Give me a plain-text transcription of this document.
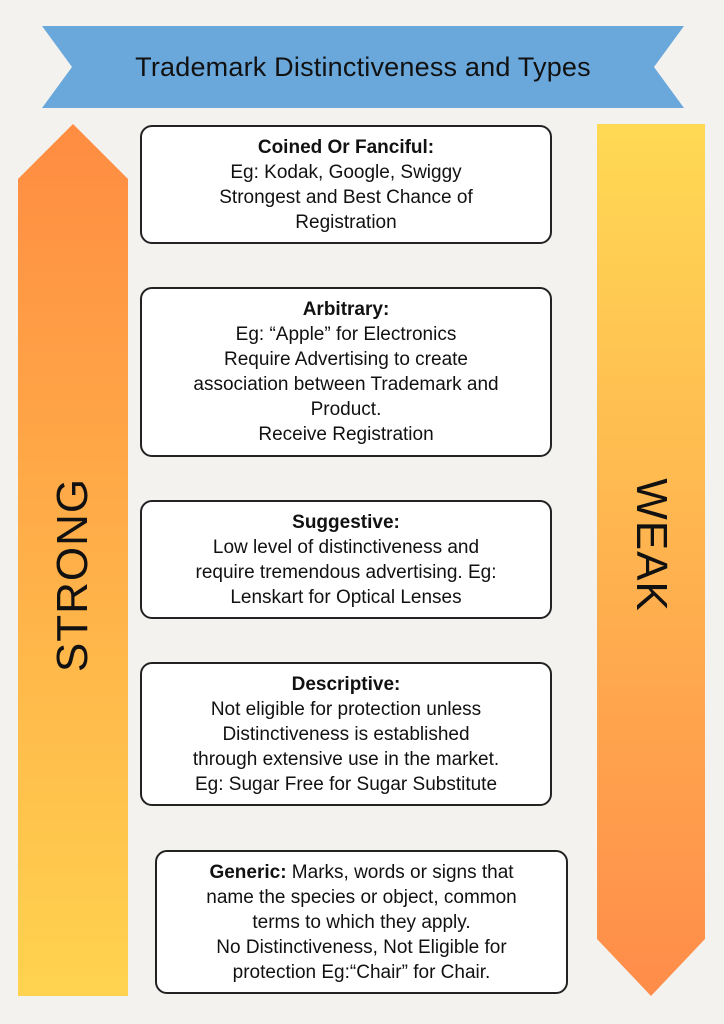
Trademark Distinctiveness and Types
STRONG	WEAK
Coined Or Fanciful:
Eg: Kodak, Google, Swiggy
Strongest and Best Chance of
Registration
Arbitrary:
Eg: “Apple” for Electronics
Require Advertising to create
association between Trademark and
Product.
Receive Registration
Suggestive:
Low level of distinctiveness and
require tremendous advertising. Eg:
Lenskart for Optical Lenses
Descriptive:
Not eligible for protection unless
Distinctiveness is established
through extensive use in the market.
Eg: Sugar Free for Sugar Substitute
Generic: Marks, words or signs that
name the species or object, common
terms to which they apply.
No Distinctiveness, Not Eligible for
protection Eg:“Chair” for Chair.
